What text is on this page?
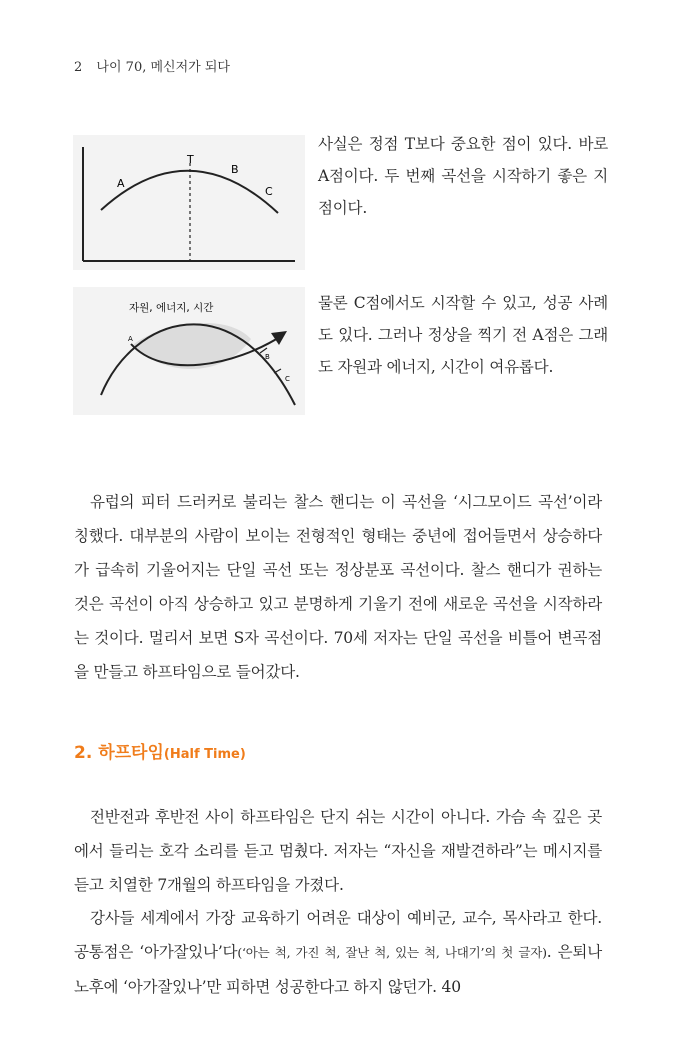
2 나이 70, 메신저가 되다
A
T
B
C
사실은 정점 T보다 중요한 점이 있다. 바로 A점이다. 두 번째 곡선을 시작하기 좋은 지점이다.
자원, 에너지, 시간
A
B
C
물론 C점에서도 시작할 수 있고, 성공 사례도 있다. 그러나 정상을 찍기 전 A점은 그래도 자원과 에너지, 시간이 여유롭다.

유럽의 피터 드러커로 불리는 찰스 핸디는 이 곡선을 ‘시그모이드 곡선’이라 칭했다. 대부분의 사람이 보이는 전형적인 형태는 중년에 접어들면서 상승하다가 급속히 기울어지는 단일 곡선 또는 정상분포 곡선이다. 찰스 핸디가 권하는 것은 곡선이 아직 상승하고 있고 분명하게 기울기 전에 새로운 곡선을 시작하라는 것이다. 멀리서 보면 S자 곡선이다. 70세 저자는 단일 곡선을 비틀어 변곡점을 만들고 하프타임으로 들어갔다.

2. 하프타임(Half Time)

전반전과 후반전 사이 하프타임은 단지 쉬는 시간이 아니다. 가슴 속 깊은 곳에서 들리는 호각 소리를 듣고 멈췄다. 저자는 “자신을 재발견하라”는 메시지를 듣고 치열한 7개월의 하프타임을 가졌다.

강사들 세계에서 가장 교육하기 어려운 대상이 예비군, 교수, 목사라고 한다. 공통점은 ‘아가잘있나’다(‘아는 척, 가진 척, 잘난 척, 있는 척, 나대기’의 첫 글자). 은퇴나 노후에 ‘아가잘있나’만 피하면 성공한다고 하지 않던가. 40
